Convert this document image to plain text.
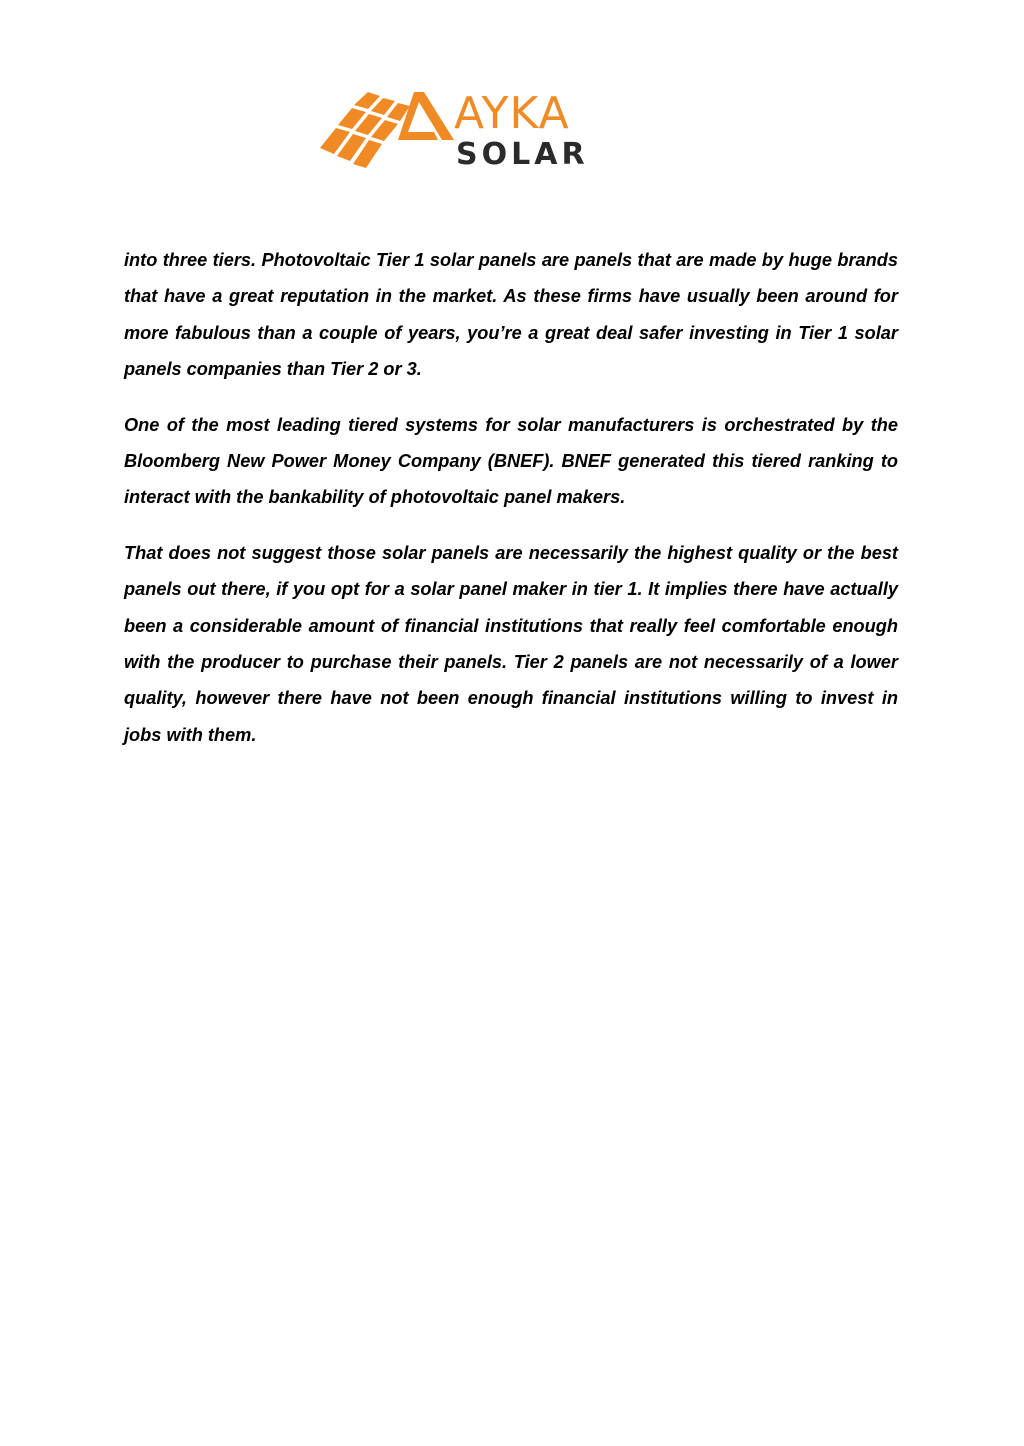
AYKA
SOLAR

into three tiers. Photovoltaic Tier 1 solar panels are panels that are made by huge brands that have a great reputation in the market. As these firms have usually been around for more fabulous than a couple of years, you’re a great deal safer investing in Tier 1 solar panels companies than Tier 2 or 3.

One of the most leading tiered systems for solar manufacturers is orchestrated by the Bloomberg New Power Money Company (BNEF). BNEF generated this tiered ranking to interact with the bankability of photovoltaic panel makers.

That does not suggest those solar panels are necessarily the highest quality or the best panels out there, if you opt for a solar panel maker in tier 1. It implies there have actually been a considerable amount of financial institutions that really feel comfortable enough with the producer to purchase their panels. Tier 2 panels are not necessarily of a lower quality, however there have not been enough financial institutions willing to invest in jobs with them.
